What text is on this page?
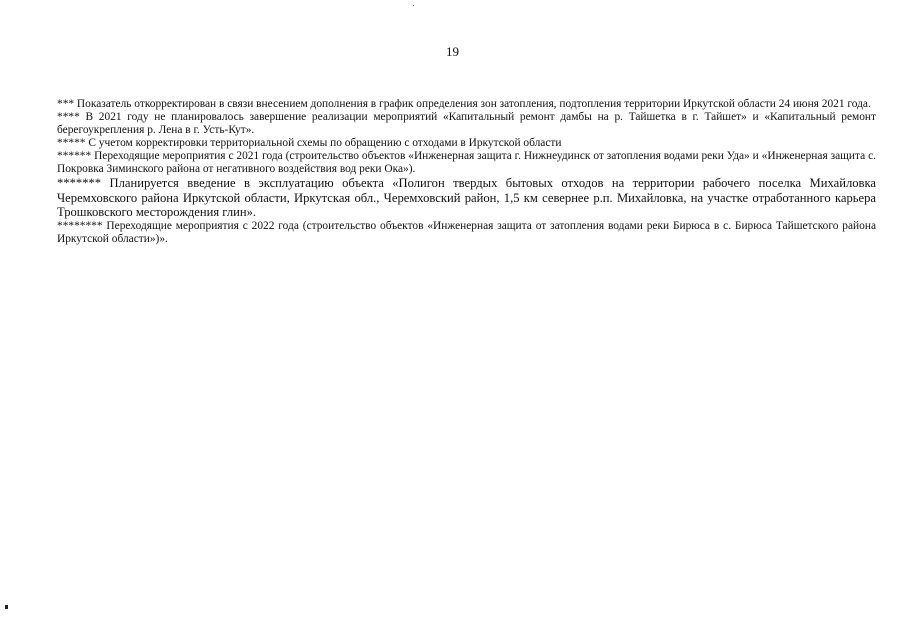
19

*** Показатель откорректирован в связи внесением дополнения в график определения зон затопления, подтопления территории Иркутской области 24 июня 2021 года.

**** В 2021 году не планировалось завершение реализации мероприятий «Капитальный ремонт дамбы на р. Тайшетка в г. Тайшет» и «Капитальный ремонт берегоукрепления р. Лена в г. Усть-Кут».

***** С учетом корректировки территориальной схемы по обращению с отходами в Иркутской области

****** Переходящие мероприятия с 2021 года (строительство объектов «Инженерная защита г. Нижнеудинск от затопления водами реки Уда» и «Инженерная защита с. Покровка Зиминского района от негативного воздействия вод реки Ока»).

******* Планируется введение в эксплуатацию объекта «Полигон твердых бытовых отходов на территории рабочего поселка Михайловка Черемховского района Иркутской области, Иркутская обл., Черемховский район, 1,5 км севернее р.п. Михайловка, на участке отработанного карьера Трошковского месторождения глин».

******** Переходящие мероприятия с 2022 года (строительство объектов «Инженерная защита от затопления водами реки Бирюса в с. Бирюса Тайшетского района Иркутской области»)».
